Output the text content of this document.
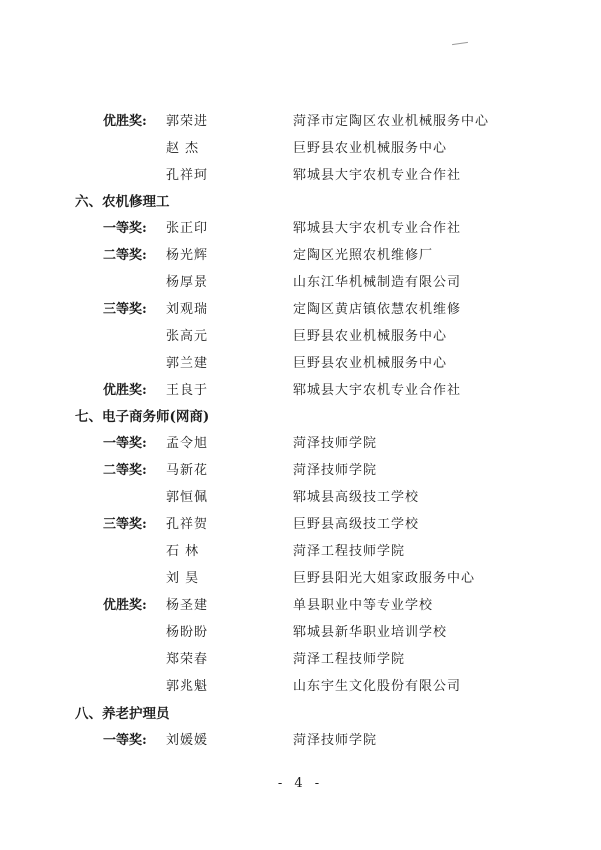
优胜奖:	郭荣进	菏泽市定陶区农业机械服务中心
赵 杰	巨野县农业机械服务中心
孔祥珂	郓城县大宇农机专业合作社
六、农机修理工
一等奖:	张正印	郓城县大宇农机专业合作社
二等奖:	杨光辉	定陶区光照农机维修厂
杨厚景	山东江华机械制造有限公司
三等奖:	刘观瑞	定陶区黄店镇依慧农机维修
张高元	巨野县农业机械服务中心
郭兰建	巨野县农业机械服务中心
优胜奖:	王良于	郓城县大宇农机专业合作社
七、电子商务师(网商)
一等奖:	孟令旭	菏泽技师学院
二等奖:	马新花	菏泽技师学院
郭恒佩	郓城县高级技工学校
三等奖:	孔祥贺	巨野县高级技工学校
石 林	菏泽工程技师学院
刘 昊	巨野县阳光大姐家政服务中心
优胜奖:	杨圣建	单县职业中等专业学校
杨盼盼	郓城县新华职业培训学校
郑荣春	菏泽工程技师学院
郭兆魁	山东宇生文化股份有限公司
八、养老护理员
一等奖:	刘媛媛	菏泽技师学院
- 4 -
